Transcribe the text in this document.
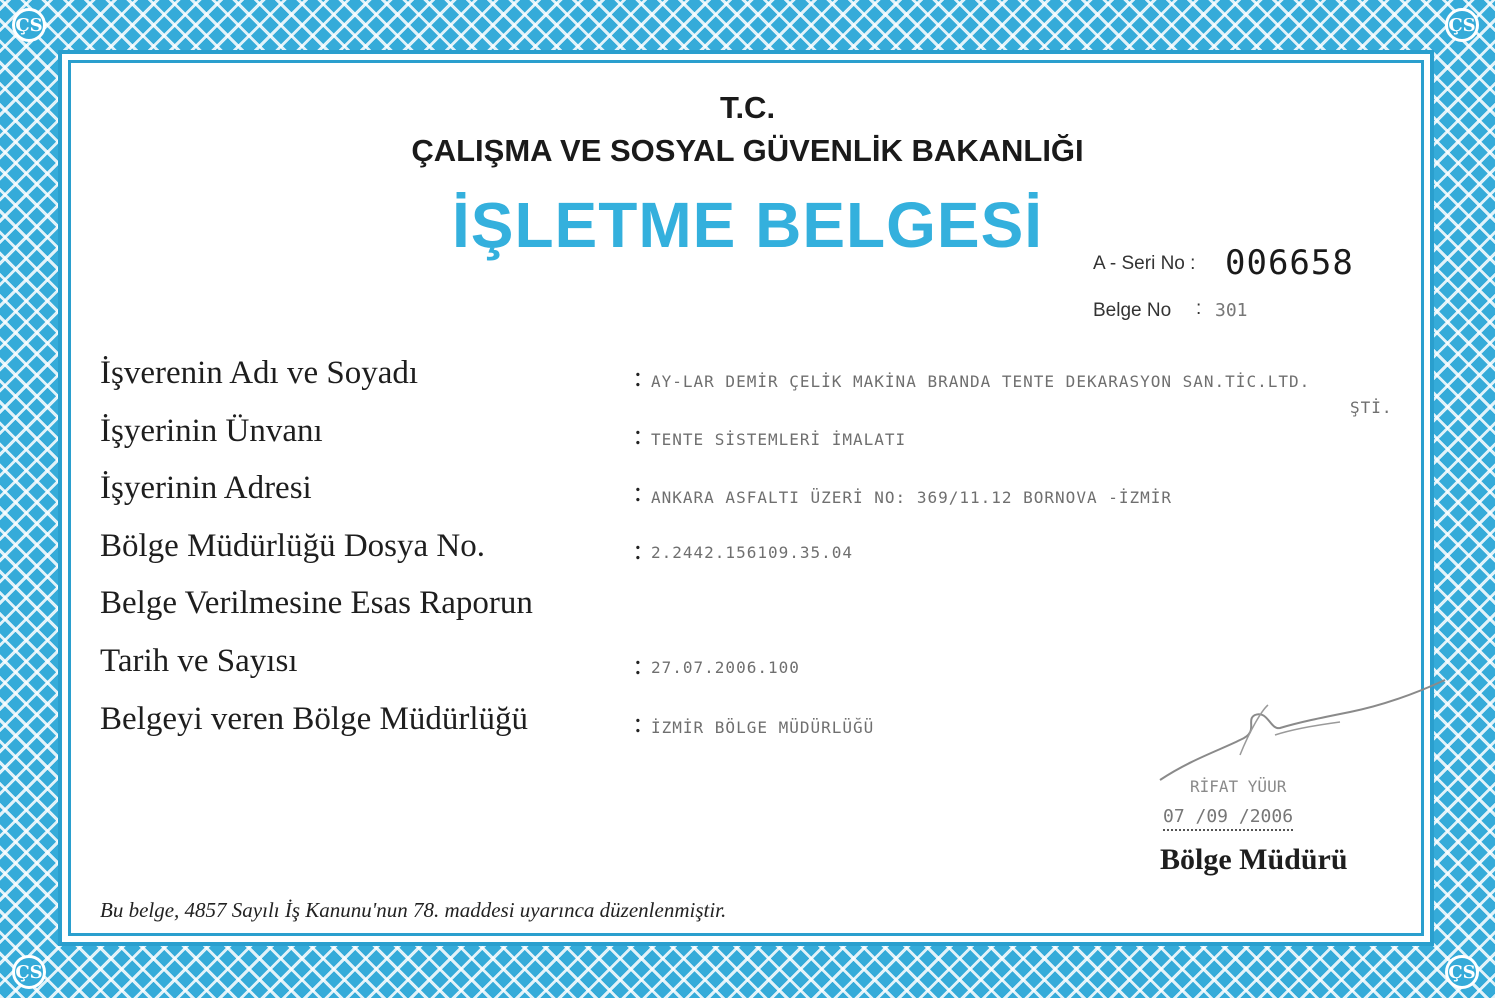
ÇS	ÇS
ÇS	ÇS
T.C.
ÇALIŞMA VE SOSYAL GÜVENLİK BAKANLIĞI
İŞLETME BELGESİ
A - Seri No : 006658
Belge No : 301
İşverenin Adı ve Soyadı	: AY-LAR DEMİR ÇELİK MAKİNA BRANDA TENTE DEKARASYON SAN.TİC.LTD.
ŞTİ.
İşyerinin Ünvanı	: TENTE SİSTEMLERİ İMALATI
İşyerinin Adresi	: ANKARA ASFALTI ÜZERİ NO: 369/11.12 BORNOVA -İZMİR
Bölge Müdürlüğü Dosya No.	: 2.2442.156109.35.04
Belge Verilmesine Esas Raporun
Tarih ve Sayısı	: 27.07.2006.100
Belgeyi veren Bölge Müdürlüğü	: İZMİR BÖLGE MÜDÜRLÜĞÜ
RİFAT YÜUR
07 /09 /2006
Bölge Müdürü
Bu belge, 4857 Sayılı İş Kanunu'nun 78. maddesi uyarınca düzenlenmiştir.
